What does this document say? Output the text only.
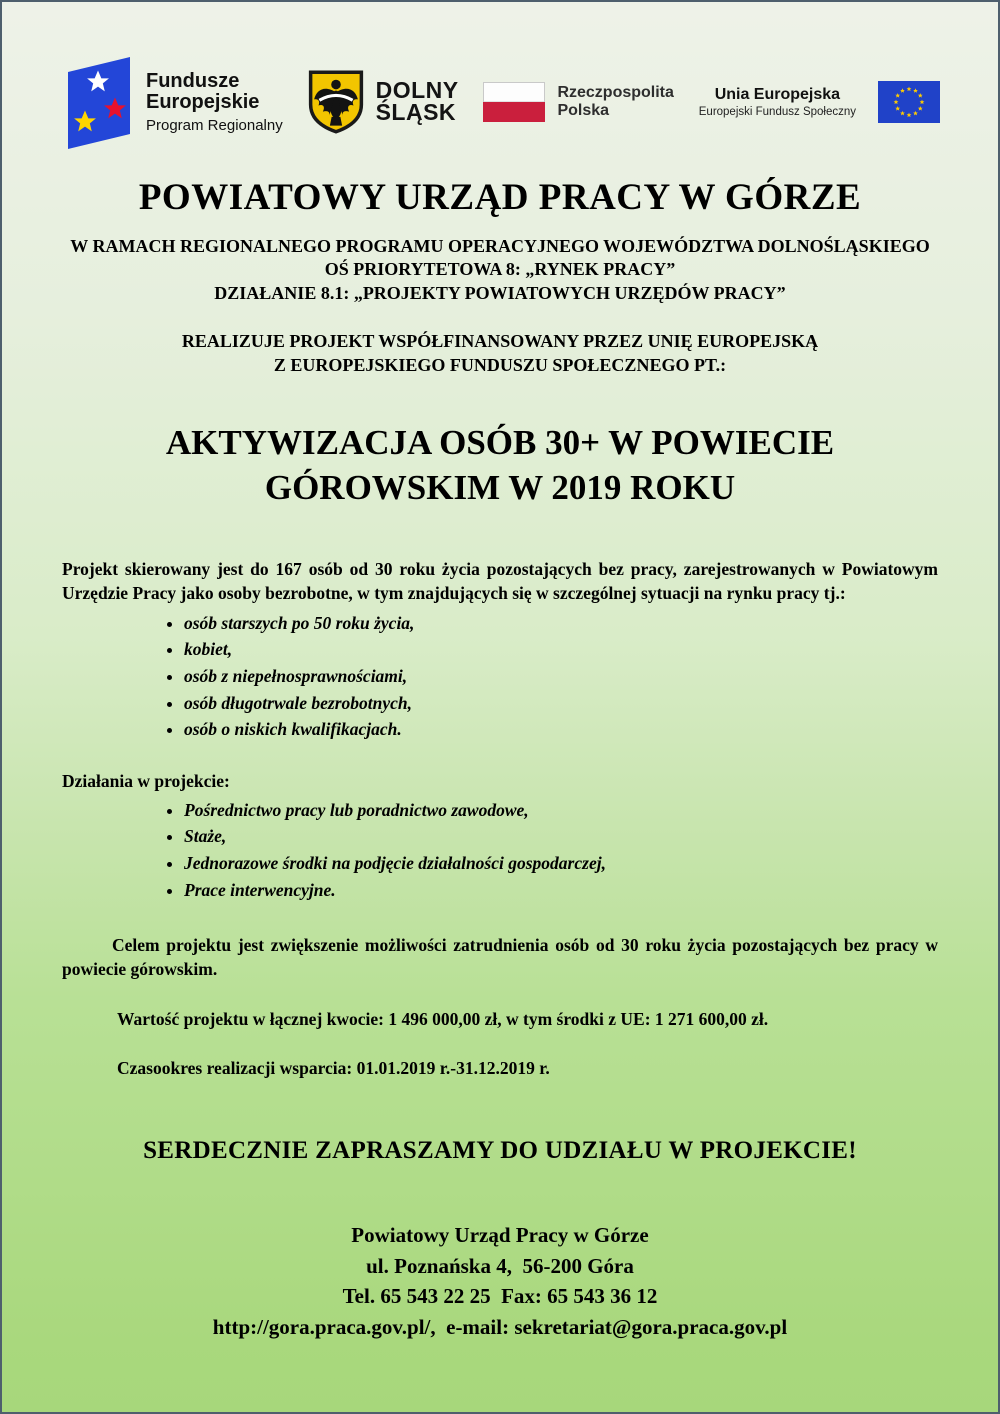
Fundusze
Europejskie
Program Regionalny
DOLNY
ŚLĄSK
Rzeczpospolita
Polska
Unia Europejska
Europejski Fundusz Społeczny
POWIATOWY URZĄD PRACY W GÓRZE
W RAMACH REGIONALNEGO PROGRAMU OPERACYJNEGO WOJEWÓDZTWA DOLNOŚLĄSKIEGO
OŚ PRIORYTETOWA 8: „RYNEK PRACY”
DZIAŁANIE 8.1: „PROJEKTY POWIATOWYCH URZĘDÓW PRACY”
REALIZUJE PROJEKT WSPÓŁFINANSOWANY PRZEZ UNIĘ EUROPEJSKĄ
Z EUROPEJSKIEGO FUNDUSZU SPOŁECZNEGO PT.:
AKTYWIZACJA OSÓB 30+ W POWIECIE
GÓROWSKIM W 2019 ROKU

Projekt skierowany jest do 167 osób od 30 roku życia pozostających bez pracy, zarejestrowanych w Powiatowym Urzędzie Pracy jako osoby bezrobotne, w tym znajdujących się w szczególnej sytuacji na rynku pracy tj.:

• osób starszych po 50 roku życia,
• kobiet,
• osób z niepełnosprawnościami,
• osób długotrwale bezrobotnych,
• osób o niskich kwalifikacjach.
Działania w projekcie:
• Pośrednictwo pracy lub poradnictwo zawodowe,
• Staże,
• Jednorazowe środki na podjęcie działalności gospodarczej,
• Prace interwencyjne.

Celem projektu jest zwiększenie możliwości zatrudnienia osób od 30 roku życia pozostających bez pracy w powiecie górowskim.

Wartość projektu w łącznej kwocie: 1 496 000,00 zł, w tym środki z UE: 1 271 600,00 zł.
Czasookres realizacji wsparcia: 01.01.2019 r.-31.12.2019 r.
SERDECZNIE ZAPRASZAMY DO UDZIAŁU W PROJEKCIE!
Powiatowy Urząd Pracy w Górze
ul. Poznańska 4,  56-200 Góra
Tel. 65 543 22 25  Fax: 65 543 36 12
http://gora.praca.gov.pl/,  e-mail: sekretariat@gora.praca.gov.pl
